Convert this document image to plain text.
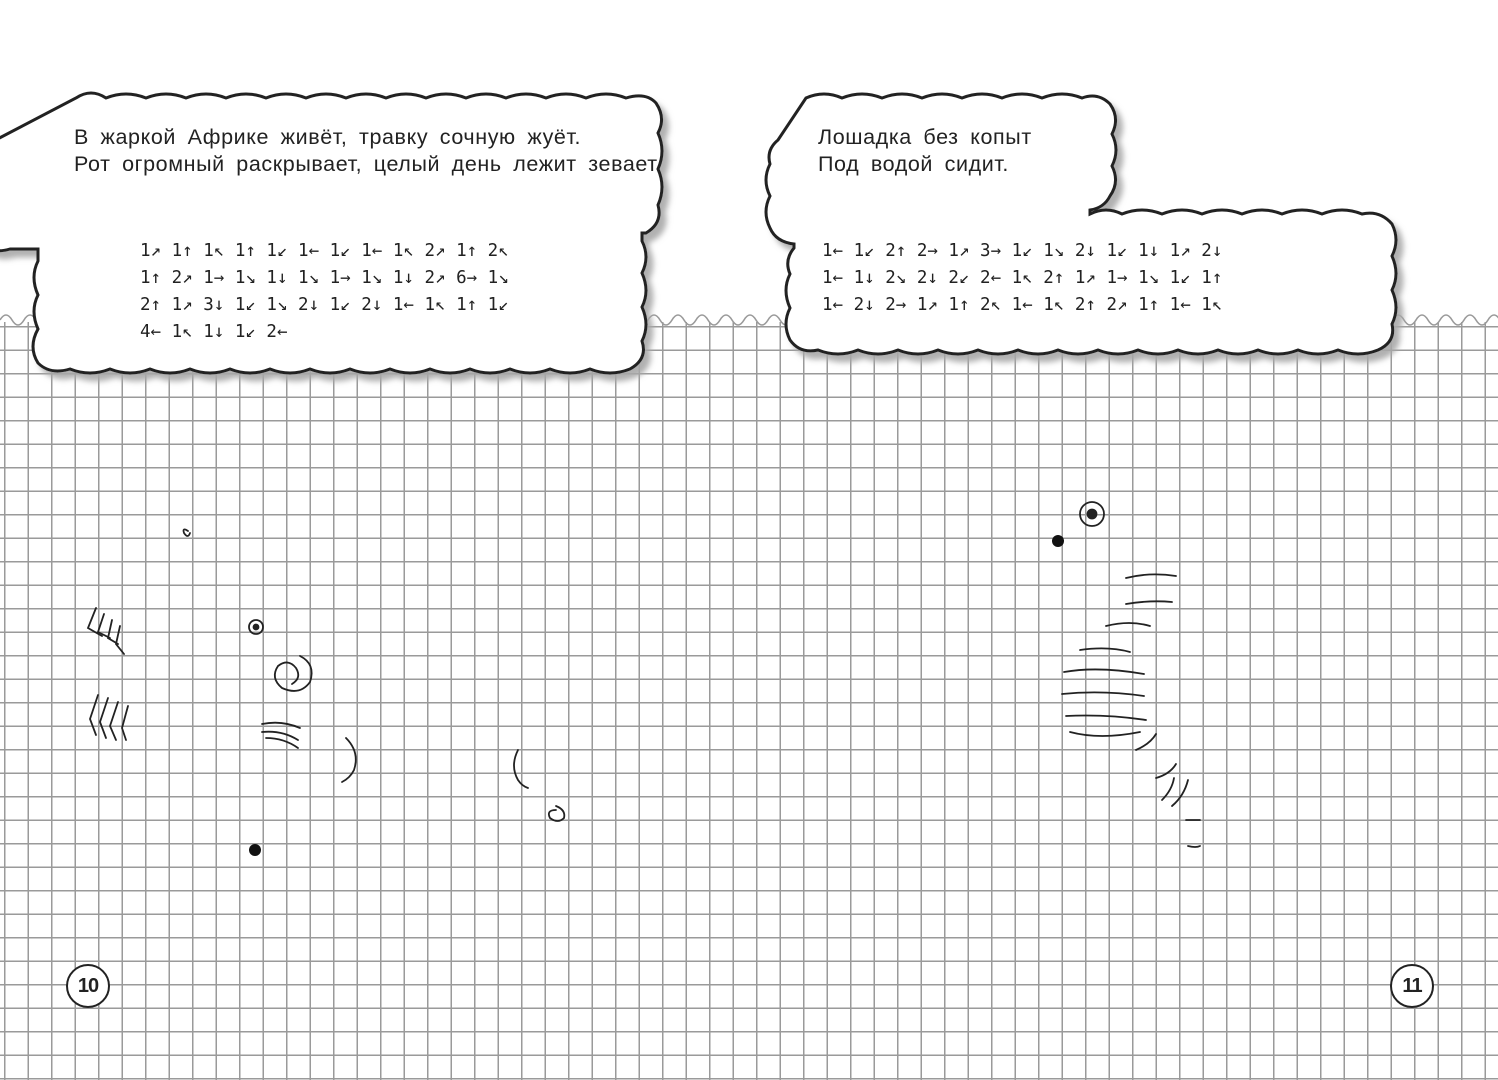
В жаркой Африке живёт, травку сочную жуёт.
Рот огромный раскрывает, целый день лежит зевает.
1↗ 1↑ 1↖ 1↑ 1↙ 1← 1↙ 1← 1↖ 2↗ 1↑ 2↖
1↑ 2↗ 1→ 1↘ 1↓ 1↘ 1→ 1↘ 1↓ 2↗ 6→ 1↘
2↑ 1↗ 3↓ 1↙ 1↘ 2↓ 1↙ 2↓ 1← 1↖ 1↑ 1↙
4← 1↖ 1↓ 1↙ 2←
Лошадка без копыт
Под водой сидит.
1← 1↙ 2↑ 2→ 1↗ 3→ 1↙ 1↘ 2↓ 1↙ 1↓ 1↗ 2↓
1← 1↓ 2↘ 2↓ 2↙ 2← 1↖ 2↑ 1↗ 1→ 1↘ 1↙ 1↑
1← 2↓ 2→ 1↗ 1↑ 2↖ 1← 1↖ 2↑ 2↗ 1↑ 1← 1↖
10	11
